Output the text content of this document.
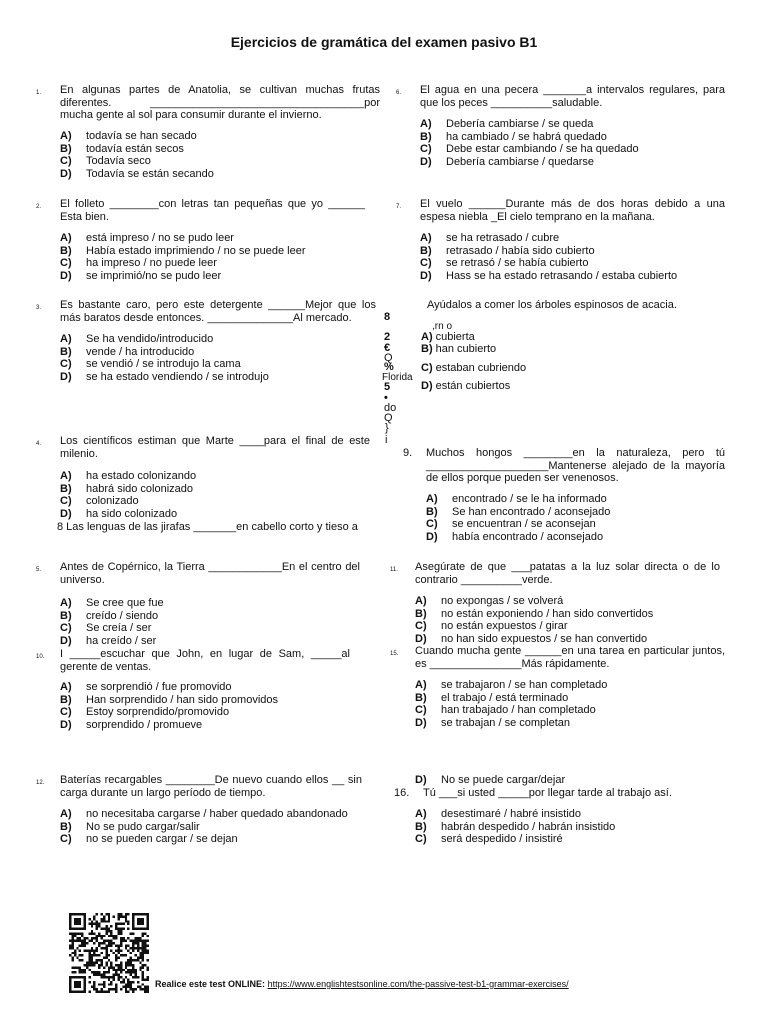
Ejercicios de gramática del examen pasivo B1
1. En algunas partes de Anatolia, se cultivan muchas frutas diferentes. ___________________________________por mucha gente al sol para consumir durante el invierno.
A)	todavía se han secado
B)	todavía están secos
C)	Todavía seco
D)	Todavía se están secando
2. El folleto ________con letras tan pequeñas que yo ______ Esta bien.
A)	está impreso / no se pudo leer
B)	Había estado imprimiendo / no se puede leer
C)	ha impreso / no puede leer
D)	se imprimió/no se pudo leer
3. Es bastante caro, pero este detergente ______Mejor que los más baratos desde entonces. ______________Al mercado.
A)	Se ha vendido/introducido
B)	vende / ha introducido
C)	se vendió / se introdujo la cama
D)	se ha estado vendiendo / se introdujo
4. Los científicos estiman que Marte ____para el final de este milenio.
A)	ha estado colonizando
B)	habrá sido colonizado
C)	colonizado
D)	ha sido colonizado
8 Las lenguas de las jirafas _______en cabello corto y tieso a
5. Antes de Copérnico, la Tierra ____________En el centro del universo.
A)	Se cree que fue
B)	creído / siendo
C)	Se creía / ser
D)	ha creído / ser
10. I _____escuchar que John, en lugar de Sam, _____al gerente de ventas.
A)	se sorprendió / fue promovido
B)	Han sorprendido / han sido promovidos
C)	Estoy sorprendido/promovido
D)	sorprendido / promueve
12. Baterías recargables ________De nuevo cuando ellos __ sin carga durante un largo período de tiempo.
A)	no necesitaba cargarse / haber quedado abandonado
B)	No se pudo cargar/salir
C)	no se pueden cargar / se dejan
6. El agua en una pecera _______a intervalos regulares, para que los peces __________saludable.
A)	Debería cambiarse / se queda
B)	ha cambiado / se habrá quedado
C)	Debe estar cambiando / se ha quedado
D)	Debería cambiarse / quedarse
7. El vuelo ______Durante más de dos horas debido a una espesa niebla _El cielo temprano en la mañana.
A)	se ha retrasado / cubre
B)	retrasado / había sido cubierto
C)	se retrasó / se había cubierto
D)	Hass se ha estado retrasando / estaba cubierto
Ayúdalos a comer los árboles espinosos de acacia.
,rn o
A) cubierta
B) han cubierto
C) estaban cubriendo
D) están cubiertos
8
2
€
Q
%
Florida
5
•
do
Q
}
i
9. Muchos hongos ________en la naturaleza, pero tú ____________________Mantenerse alejado de la mayoría de ellos porque pueden ser venenosos.
A)	encontrado / se le ha informado
B)	Se han encontrado / aconsejado
C)	se encuentran / se aconsejan
D)	había encontrado / aconsejado
11. Asegúrate de que ___patatas a la luz solar directa o de lo contrario __________verde.
A)	no expongas / se volverá
B)	no están exponiendo / han sido convertidos
C)	no están expuestos / girar
D)	no han sido expuestos / se han convertido
15. Cuando mucha gente ______en una tarea en particular juntos, es _______________Más rápidamente.
A)	se trabajaron / se han completado
B)	el trabajo / está terminado
C)	han trabajado / han completado
D)	se trabajan / se completan
D)	No se puede cargar/dejar
16. Tú ___si usted _____por llegar tarde al trabajo así.
A)	desestimaré / habré insistido
B)	habrán despedido / habrán insistido
C)	será despedido / insistiré
Realice este test ONLINE: https://www.englishtestsonline.com/the-passive-test-b1-grammar-exercises/
